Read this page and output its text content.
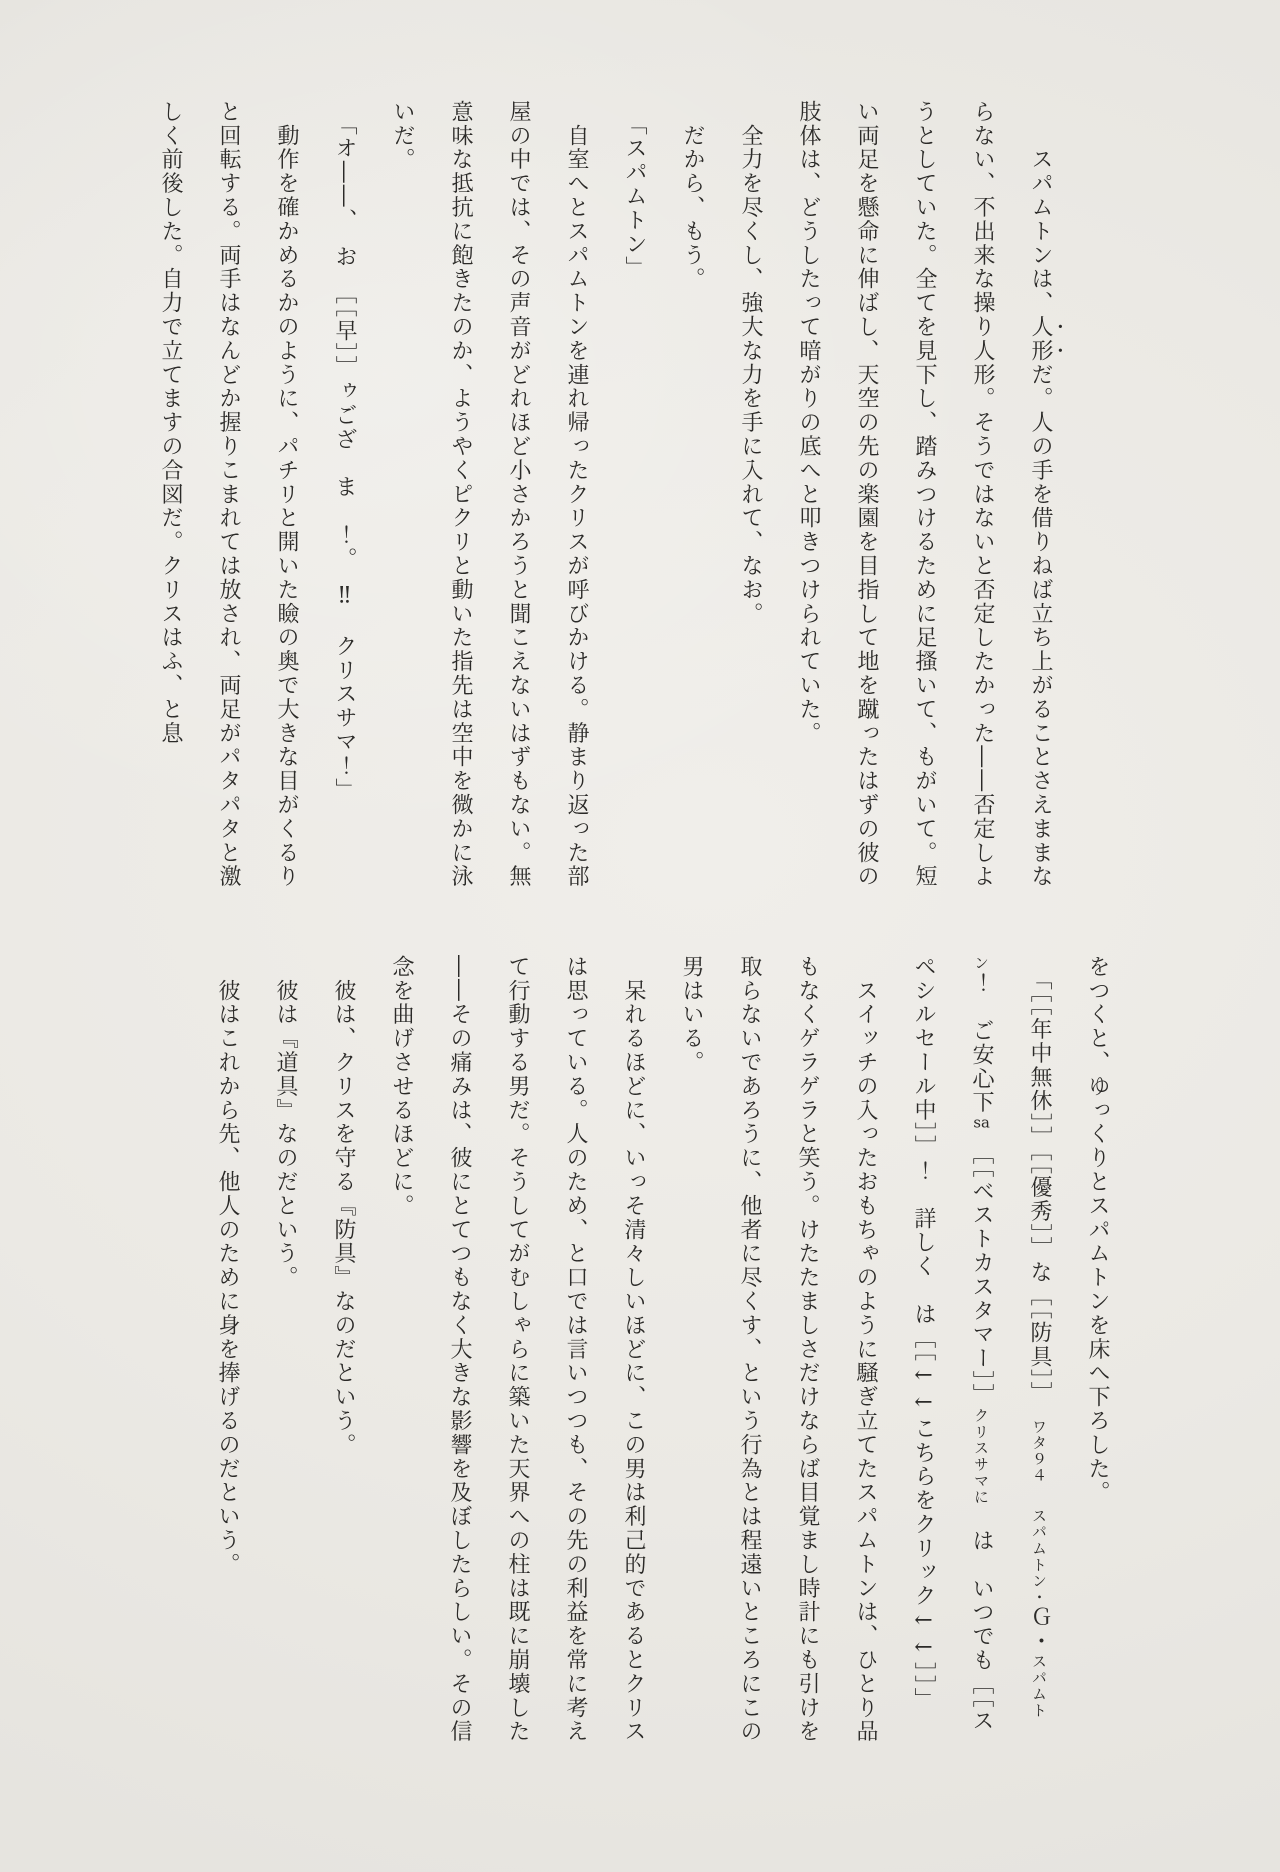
　　スパムトンは、人形だ。人の手を借りねば立ち上がることさえままならない、不出来な操り人形。そうではないと否定したかった――否定しようとしていた。全てを見下し、踏みつけるために足搔いて、もがいて。短い両足を懸命に伸ばし、天空の先の楽園を目指して地を蹴ったはずの彼の肢体は、どうしたって暗がりの底へと叩きつけられていた。

　全力を尽くし、強大な力を手に入れて、なお。

　だから、もう。

　「スパムトン」

　自室へとスパムトンを連れ帰ったクリスが呼びかける。静まり返った部屋の中では、その声音がどれほど小さかろうと聞こえないはずもない。無意味な抵抗に飽きたのか、ようやくピクリと動いた指先は空中を微かに泳いだ。

　「オ――、　お　［［早］］ゥござ　ま　！。　‼　クリスサマ！」

　動作を確かめるかのように、パチリと開いた瞼の奥で大きな目がくるりと回転する。両手はなんどか握りこまれては放され、両足がパタパタと激しく前後した。自力で立てますの合図だ。クリスはふ、と息

をつくと、ゆっくりとスパムトンを床へ下ろした。

　「［［年中無休］］［［優秀］］な［［防具］］　ワタ９４　スパムトン・Ｇ・スパムトン！　ご安心下sa　［［ベストカスタマー］］クリスサマに　は　いつでも［［スペシルセール中］］！　詳しく　は［［←←こちらをクリック←←］］」

　スイッチの入ったおもちゃのように騒ぎ立てたスパムトンは、ひとり品もなくゲラゲラと笑う。けたたましさだけならば目覚まし時計にも引けを取らないであろうに、他者に尽くす、という行為とは程遠いところにこの男はいる。

　呆れるほどに、いっそ清々しいほどに、この男は利己的であるとクリスは思っている。人のため、と口では言いつつも、その先の利益を常に考えて行動する男だ。そうしてがむしゃらに築いた天界への柱は既に崩壊した――その痛みは、彼にとてつもなく大きな影響を及ぼしたらしい。その信念を曲げさせるほどに。

　彼は、クリスを守る『防具』なのだという。

　彼は『道具』なのだという。

　彼はこれから先、他人のために身を捧げるのだという。
